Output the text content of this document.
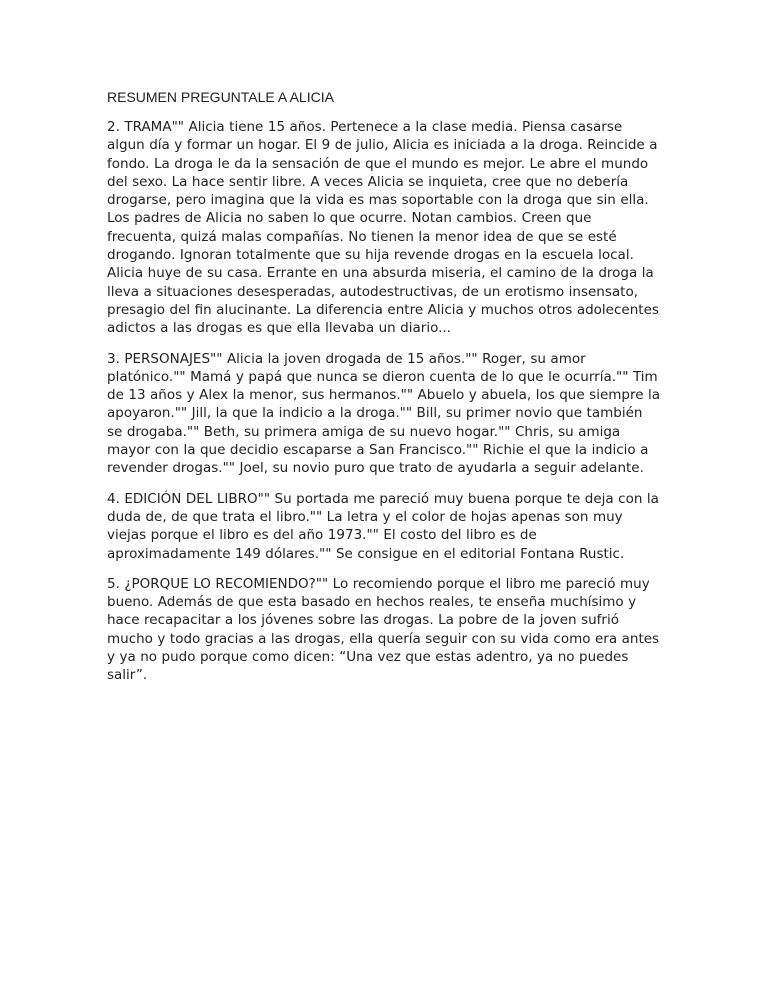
RESUMEN PREGUNTALE A ALICIA

2. TRAMA"" Alicia tiene 15 años. Pertenece a la clase media. Piensa casarse algun día y formar un hogar. El 9 de julio, Alicia es iniciada a la droga. Reincide a fondo. La droga le da la sensación de que el mundo es mejor. Le abre el mundo del sexo. La hace sentir libre. A veces Alicia se inquieta, cree que no debería drogarse, pero imagina que la vida es mas soportable con la droga que sin ella. Los padres de Alicia no saben lo que ocurre. Notan cambios. Creen que frecuenta, quizá malas compañías. No tienen la menor idea de que se esté drogando. Ignoran totalmente que su hija revende drogas en la escuela local. Alicia huye de su casa. Errante en una absurda miseria, el camino de la droga la lleva a situaciones desesperadas, autodestructivas, de un erotismo insensato, presagio del fin alucinante. La diferencia entre Alicia y muchos otros adolecentes adictos a las drogas es que ella llevaba un diario...

3. PERSONAJES"" Alicia la joven drogada de 15 años."" Roger, su amor platónico."" Mamá y papá que nunca se dieron cuenta de lo que le ocurría."" Tim de 13 años y Alex la menor, sus hermanos."" Abuelo y abuela, los que siempre la apoyaron."" Jill, la que la indicio a la droga."" Bill, su primer novio que también se drogaba."" Beth, su primera amiga de su nuevo hogar."" Chris, su amiga mayor con la que decidio escaparse a San Francisco."" Richie el que la indicio a revender drogas."" Joel, su novio puro que trato de ayudarla a seguir adelante.

4. EDICIÓN DEL LIBRO"" Su portada me pareció muy buena porque te deja con la duda de, de que trata el libro."" La letra y el color de hojas apenas son muy viejas porque el libro es del año 1973."" El costo del libro es de aproximadamente 149 dólares."" Se consigue en el editorial Fontana Rustic.

5. ¿PORQUE LO RECOMIENDO?"" Lo recomiendo porque el libro me pareció muy bueno. Además de que esta basado en hechos reales, te enseña muchísimo y hace recapacitar a los jóvenes sobre las drogas. La pobre de la joven sufrió mucho y todo gracias a las drogas, ella quería seguir con su vida como era antes y ya no pudo porque como dicen: “Una vez que estas adentro, ya no puedes salir”.
